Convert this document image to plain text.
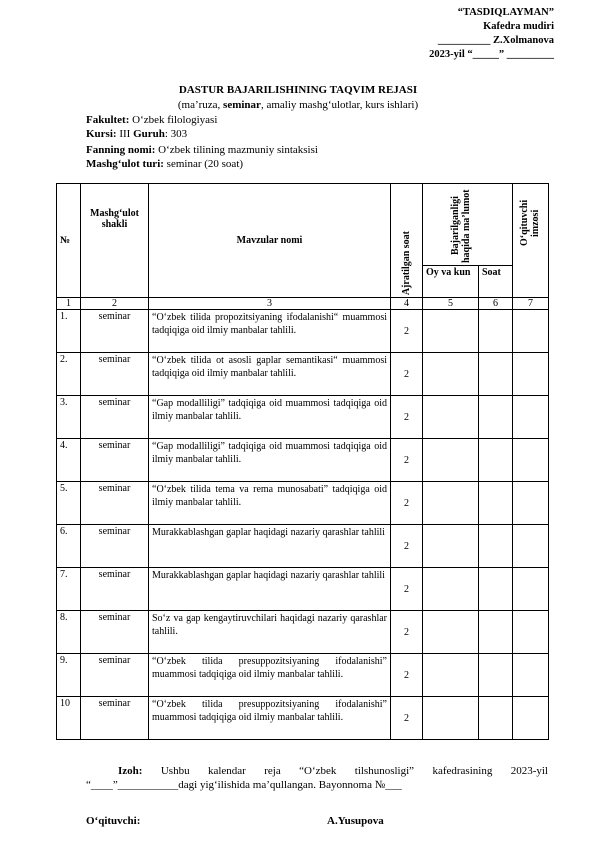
“TASDIQLAYMAN”
Kafedra mudiri
__________ Z.Xolmanova
2023-yil “_____” _________
DASTUR BAJARILISHINING TAQVIM REJASI
(ma’ruza, seminar, amaliy mashg‘ulotlar, kurs ishlari)
Fakultet: O‘zbek filologiyasi
Kursi: III Guruh: 303
Fanning nomi: O‘zbek tilining mazmuniy sintaksisi
Mashg‘ulot turi: seminar (20 soat)
№	Mashg‘ulot shakli	Mavzular nomi	Ajratilgan soat	Bajarilganligi haqida ma’lumot		O‘qituvchi imzosi

				Oy va kun	Soat	
1	2	3	4	5	6	7
1.	seminar	“O‘zbek tilida propozitsiyaning ifodalanishi“ muammosi tadqiqiga oid ilmiy manbalar tahlili.	2			
2.	seminar	“O‘zbek tilida ot asosli gaplar semantikasi“ muammosi tadqiqiga oid ilmiy manbalar tahlili.	2			
3.	seminar	“Gap modalliligi” tadqiqiga oid muammosi tadqiqiga oid ilmiy manbalar tahlili.	2			
4.	seminar	“Gap modalliligi” tadqiqiga oid muammosi tadqiqiga oid ilmiy manbalar tahlili.	2			
5.	seminar	“O‘zbek tilida tema va rema munosabati” tadqiqiga oid ilmiy manbalar tahlili.	2			
6.	seminar	Murakkablashgan gaplar haqidagi nazariy qarashlar tahlili	2			
7.	seminar	Murakkablashgan gaplar haqidagi nazariy qarashlar tahlili	2			
8.	seminar	So‘z va gap kengaytiruvchilari haqidagi nazariy qarashlar tahlili.	2			
9.	seminar	“O‘zbek tilida presuppozitsiyaning ifodalanishi” muammosi tadqiqiga oid ilmiy manbalar tahlili.	2			
10	seminar	“O‘zbek tilida presuppozitsiyaning ifodalanishi” muammosi tadqiqiga oid ilmiy manbalar tahlili.	2			
Izoh: Ushbu kalendar reja “O‘zbek tilshunosligi” kafedrasining 2023-yil “____”___________dagi yig‘ilishida ma’qullangan. Bayonnoma №___
O‘qituvchi:	A.Yusupova
